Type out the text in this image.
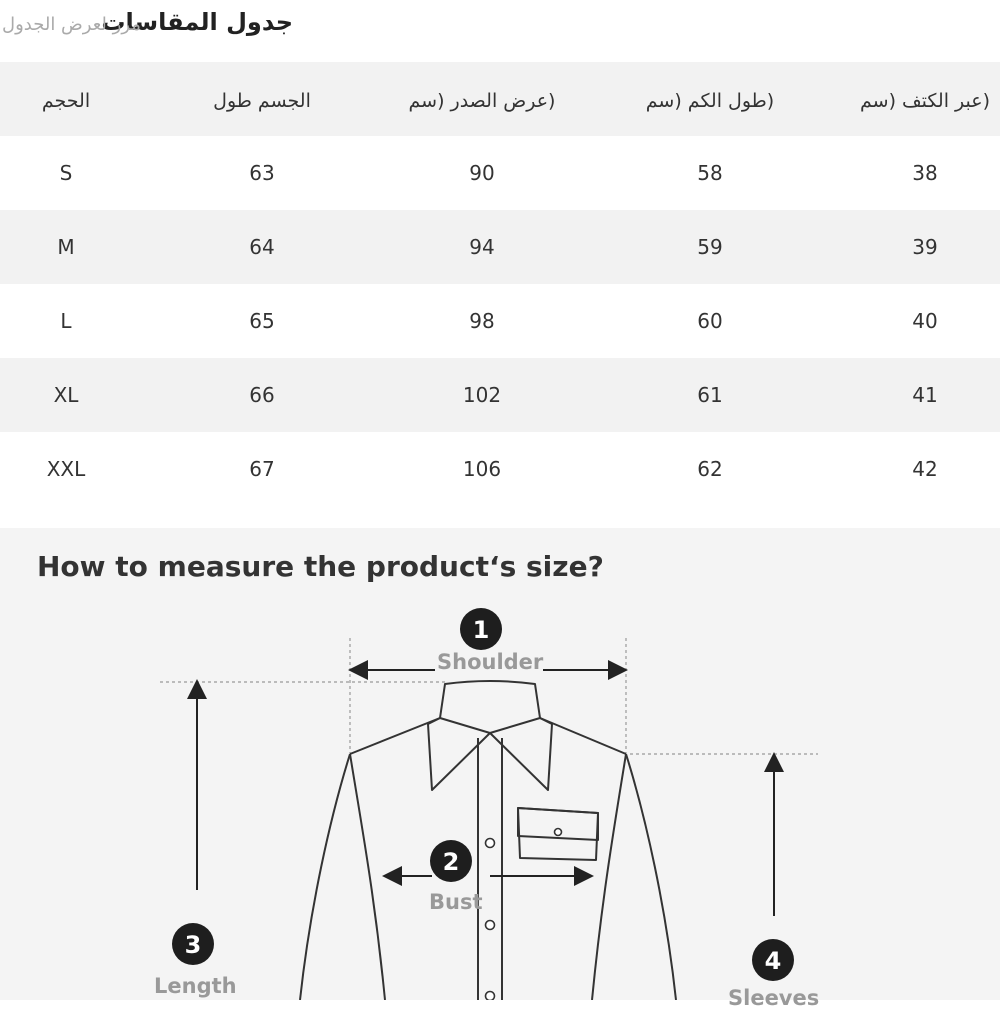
جدول المقاسات
مرر لعرض الجدول
الحجم	الجسم طول	(عرض الصدر (سم	(طول الكم (سم	(عبر الكتف (سم
S	63	90	58	38
M	64	94	59	39
L	65	98	60	40
XL	66	102	61	41
XXL	67	106	62	42
How to measure the product‘s size?
1
2
3
4
Shoulder
Bust
Length	Sleeves
